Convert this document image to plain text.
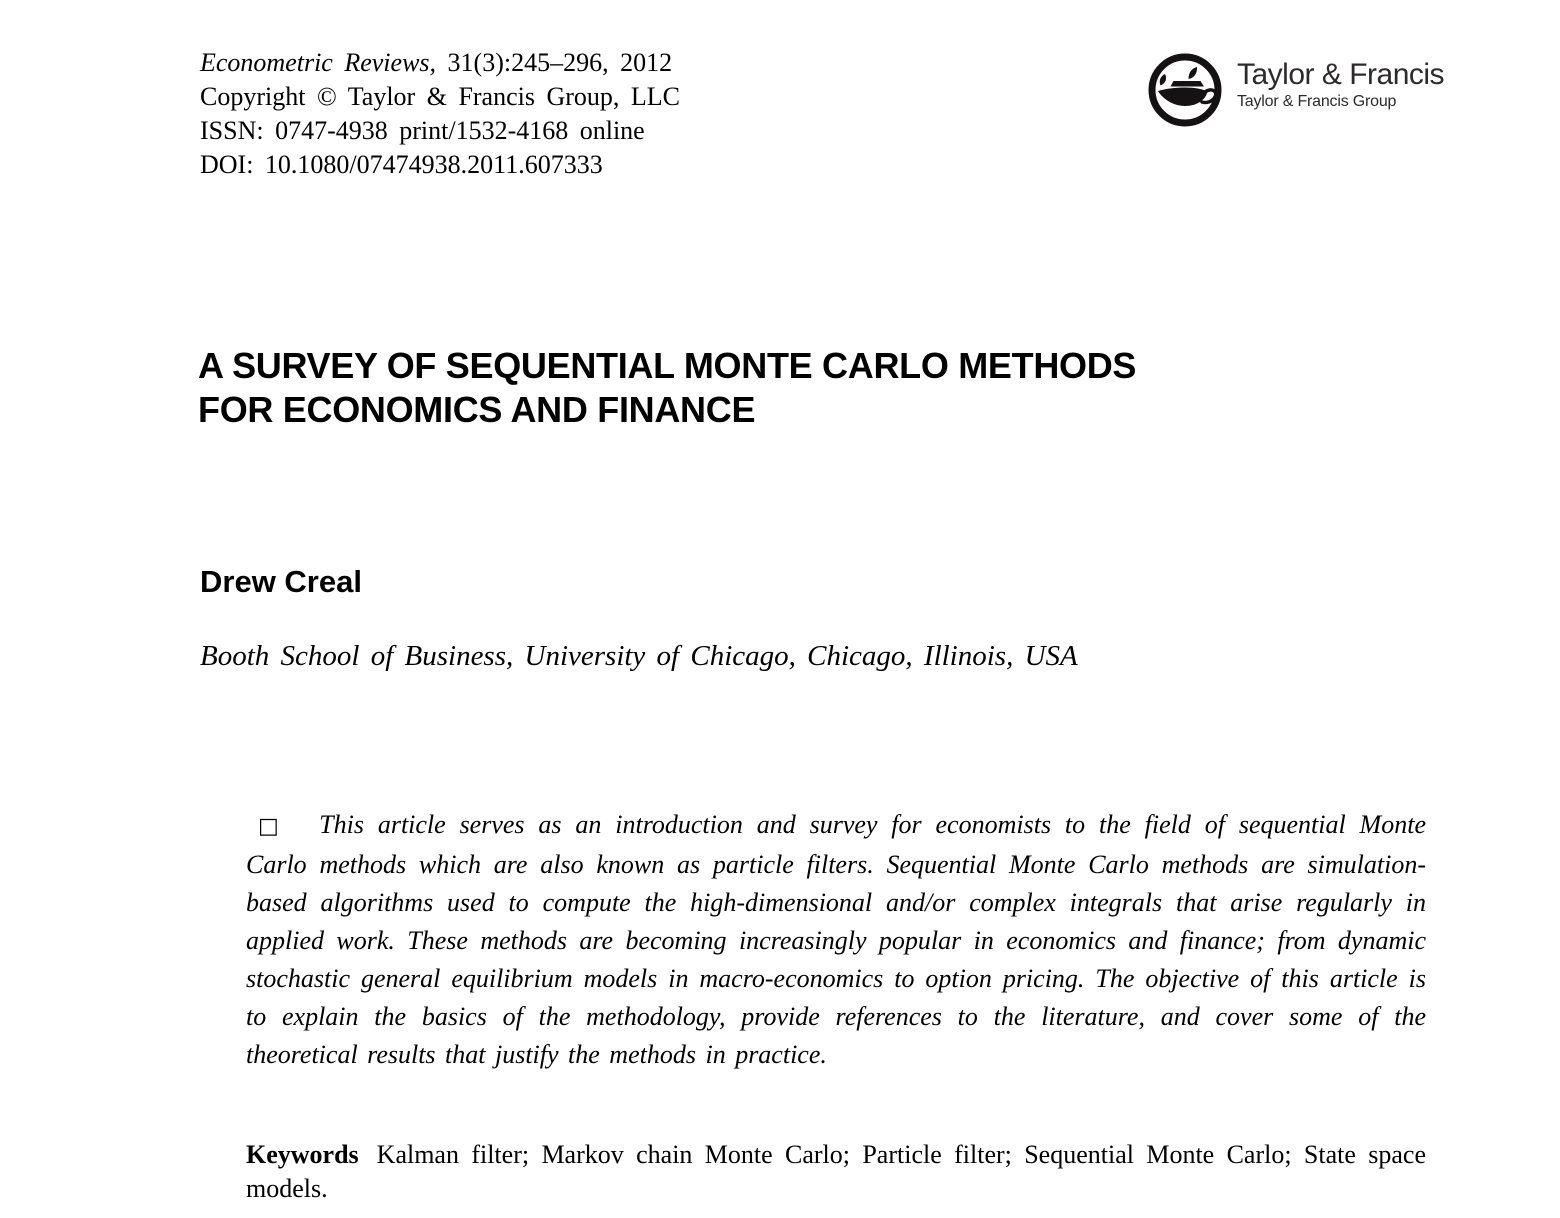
Econometric Reviews, 31(3):245–296, 2012
Copyright © Taylor & Francis Group, LLC
ISSN: 0747-4938 print/1532-4168 online
DOI: 10.1080/07474938.2011.607333
Taylor & Francis
Taylor & Francis Group
A SURVEY OF SEQUENTIAL MONTE CARLO METHODS
FOR ECONOMICS AND FINANCE
Drew Creal
Booth School of Business, University of Chicago, Chicago, Illinois, USA

□ This article serves as an introduction and survey for economists to the field of sequential Monte Carlo methods which are also known as particle filters. Sequential Monte Carlo methods are simulation-based algorithms used to compute the high-dimensional and/or complex integrals that arise regularly in applied work. These methods are becoming increasingly popular in economics and finance; from dynamic stochastic general equilibrium models in macro-economics to option pricing. The objective of this article is to explain the basics of the methodology, provide references to the literature, and cover some of the theoretical results that justify the methods in practice.

Keywords Kalman filter; Markov chain Monte Carlo; Particle filter; Sequential Monte Carlo; State space models.
